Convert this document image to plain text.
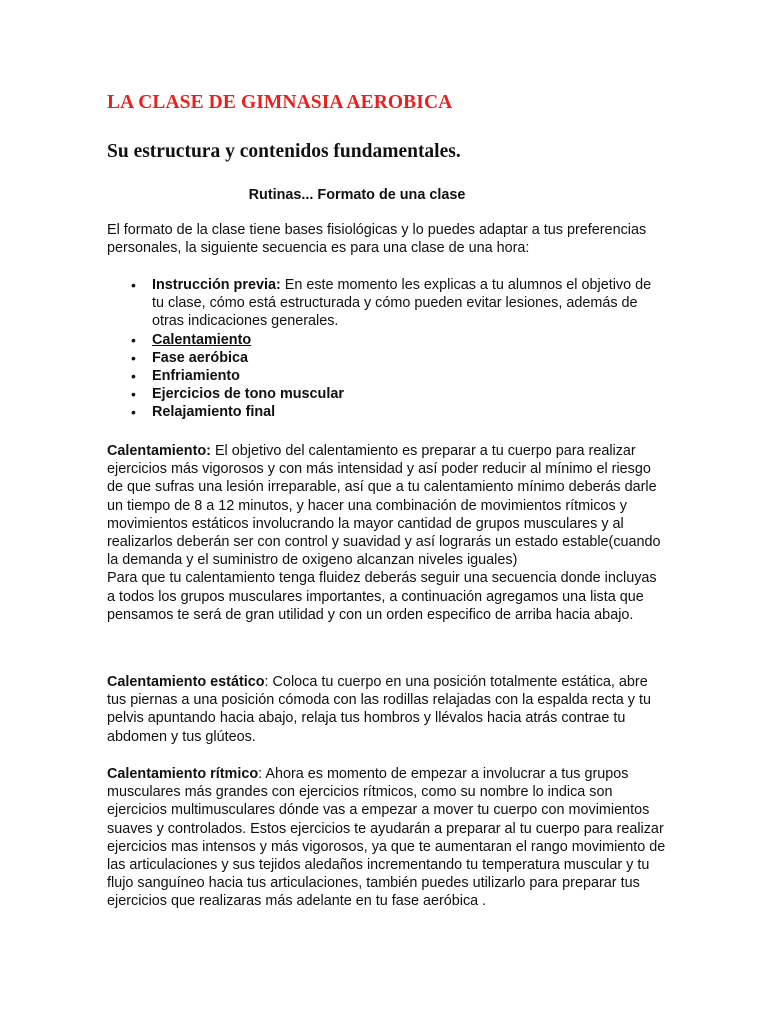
LA CLASE DE GIMNASIA AEROBICA
Su estructura y contenidos fundamentales.
Rutinas... Formato de una clase

El formato de la clase tiene bases fisiológicas y lo puedes adaptar a tus preferencias personales, la siguiente secuencia es para una clase de una hora:

• Instrucción previa: En este momento les explicas a tu alumnos el objetivo de tu clase, cómo está estructurada y cómo pueden evitar lesiones, además de otras indicaciones generales.
• Calentamiento
• Fase aeróbica
• Enfriamiento
• Ejercicios de tono muscular
• Relajamiento final
Calentamiento: El objetivo del calentamiento es preparar a tu cuerpo para realizar ejercicios más vigorosos y con más intensidad y así poder reducir al mínimo el riesgo de que sufras una lesión irreparable, así que a tu calentamiento mínimo deberás darle un tiempo de 8 a 12 minutos, y hacer una combinación de movimientos rítmicos y movimientos estáticos involucrando la mayor cantidad de grupos musculares y al realizarlos deberán ser con control y suavidad y así lograrás un estado estable(cuando la demanda y el suministro de oxigeno alcanzan niveles iguales)
Para que tu calentamiento tenga fluidez deberás seguir una secuencia donde incluyas a todos los grupos musculares importantes, a continuación agregamos una lista que pensamos te será de gran utilidad y con un orden especifico de arriba hacia abajo.
Calentamiento estático: Coloca tu cuerpo en una posición totalmente estática, abre tus piernas a una posición cómoda con las rodillas relajadas con la espalda recta y tu pelvis apuntando hacia abajo, relaja tus hombros y llévalos hacia atrás contrae tu abdomen y tus glúteos.
Calentamiento rítmico: Ahora es momento de empezar a involucrar a tus grupos musculares más grandes con ejercicios rítmicos, como su nombre lo indica son ejercicios multimusculares dónde vas a empezar a mover tu cuerpo con movimientos suaves y controlados. Estos ejercicios te ayudarán a preparar al tu cuerpo para realizar ejercicios mas intensos y más vigorosos, ya que te aumentaran el rango movimiento de las articulaciones y sus tejidos aledaños incrementando tu temperatura muscular y tu flujo sanguíneo hacia tus articulaciones, también puedes utilizarlo para preparar tus ejercicios que realizaras más adelante en tu fase aeróbica .
